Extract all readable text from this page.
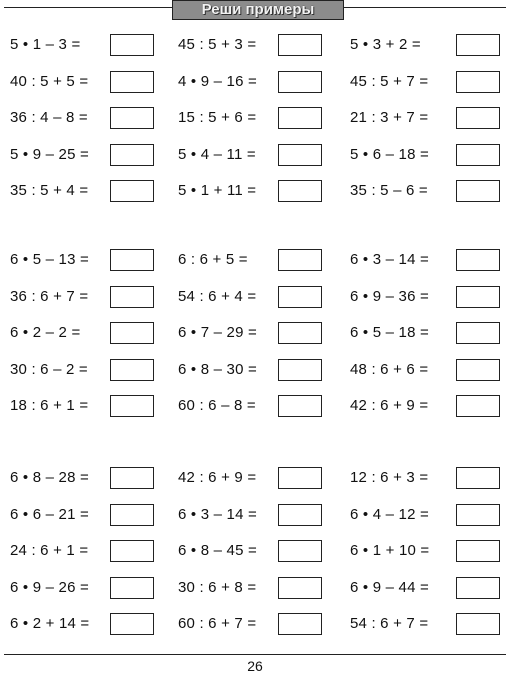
Реши примеры
5 • 1 – 3 =
40 : 5 + 5 =
36 : 4 – 8 =
5 • 9 – 25 =
35 : 5 + 4 =
45 : 5 + 3 =
4 • 9 – 16 =
15 : 5 + 6 =
5 • 4 – 11 =
5 • 1 + 11 =
5 • 3 + 2 =
45 : 5 + 7 =
21 : 3 + 7 =
5 • 6 – 18 =
35 : 5 – 6 =
6 • 5 – 13 =
36 : 6 + 7 =
6 • 2 – 2 =
30 : 6 – 2 =
18 : 6 + 1 =
6 : 6 + 5 =
54 : 6 + 4 =
6 • 7 – 29 =
6 • 8 – 30 =
60 : 6 – 8 =
6 • 3 – 14 =
6 • 9 – 36 =
6 • 5 – 18 =
48 : 6 + 6 =
42 : 6 + 9 =
6 • 8 – 28 =
6 • 6 – 21 =
24 : 6 + 1 =
6 • 9 – 26 =
6 • 2 + 14 =
42 : 6 + 9 =
6 • 3 – 14 =
6 • 8 – 45 =
30 : 6 + 8 =
60 : 6 + 7 =
12 : 6 + 3 =
6 • 4 – 12 =
6 • 1 + 10 =
6 • 9 – 44 =
54 : 6 + 7 =
26
